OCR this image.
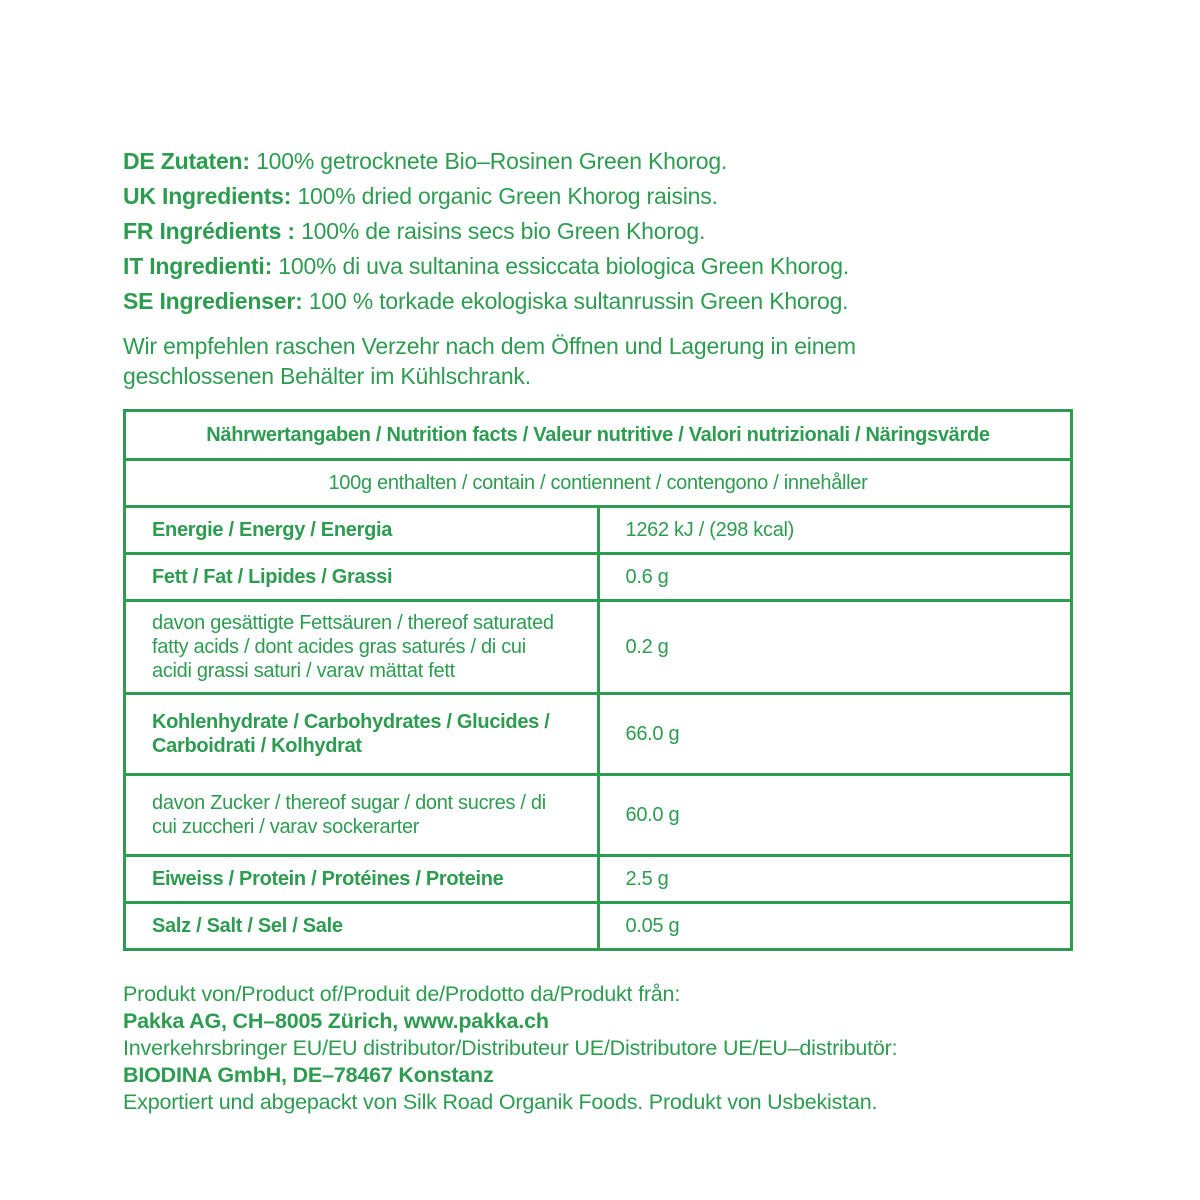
DE Zutaten: 100% getrocknete Bio–Rosinen Green Khorog.

UK Ingredients: 100% dried organic Green Khorog raisins.

FR Ingrédients : 100% de raisins secs bio Green Khorog.

IT Ingredienti: 100% di uva sultanina essiccata biologica Green Khorog.

SE Ingredienser: 100 % torkade ekologiska sultanrussin Green Khorog.

Wir empfehlen raschen Verzehr nach dem Öffnen und Lagerung in einem geschlossenen Behälter im Kühlschrank.

Nährwertangaben / Nutrition facts / Valeur nutritive / Valori nutrizionali / Näringsvärde	
100g enthalten / contain / contiennent / contengono / innehåller	
Energie / Energy / Energia	1262 kJ / (298 kcal)
Fett / Fat / Lipides / Grassi	0.6 g
davon gesättigte Fettsäuren / thereof saturated fatty acids / dont acides gras saturés / di cui acidi grassi saturi / varav mättat fett	0.2 g
Kohlenhydrate / Carbohydrates / Glucides / Carboidrati / Kolhydrat	66.0 g
davon Zucker / thereof sugar / dont sucres / di cui zuccheri / varav sockerarter	60.0 g
Eiweiss / Protein / Protéines / Proteine	2.5 g
Salz / Salt / Sel / Sale	0.05 g

Produkt von/Product of/Produit de/Prodotto da/Produkt från:

Pakka AG, CH–8005 Zürich, www.pakka.ch

Inverkehrsbringer EU/EU distributor/Distributeur UE/Distributore UE/EU–distributör:

BIODINA GmbH, DE–78467 Konstanz

Exportiert und abgepackt von Silk Road Organik Foods. Produkt von Usbekistan.
